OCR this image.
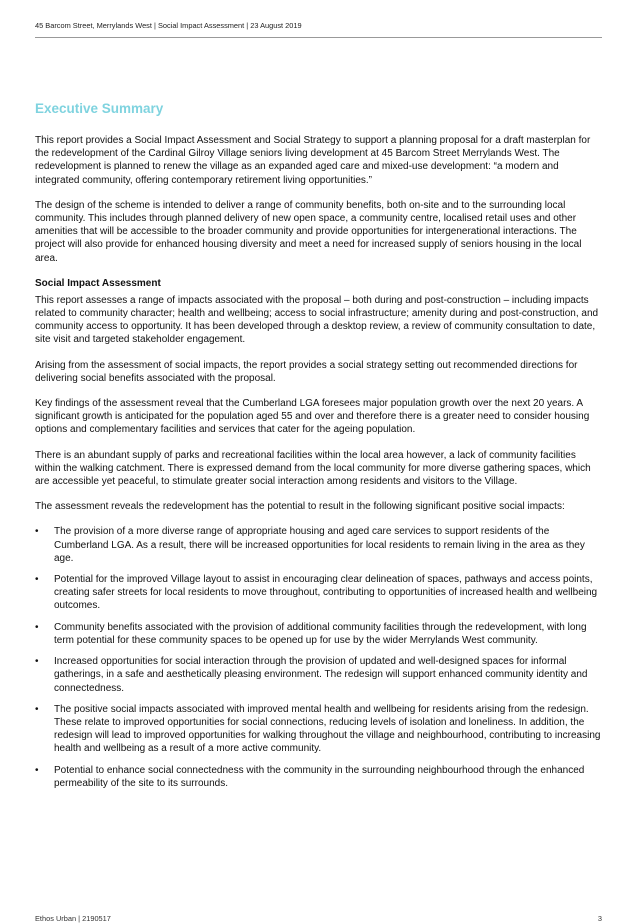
45 Barcom Street, Merrylands West | Social Impact Assessment | 23 August 2019
Executive Summary

This report provides a Social Impact Assessment and Social Strategy to support a planning proposal for a draft masterplan for the redevelopment of the Cardinal Gilroy Village seniors living development at 45 Barcom Street Merrylands West. The redevelopment is planned to renew the village as an expanded aged care and mixed-use development: “a modern and integrated community, offering contemporary retirement living opportunities.”

The design of the scheme is intended to deliver a range of community benefits, both on-site and to the surrounding local community. This includes through planned delivery of new open space, a community centre, localised retail uses and other amenities that will be accessible to the broader community and provide opportunities for intergenerational interactions. The project will also provide for enhanced housing diversity and meet a need for increased supply of seniors housing in the local area.

Social Impact Assessment

This report assesses a range of impacts associated with the proposal – both during and post-construction – including impacts related to community character; health and wellbeing; access to social infrastructure; amenity during and post-construction, and community access to opportunity. It has been developed through a desktop review, a review of community consultation to date, site visit and targeted stakeholder engagement.

Arising from the assessment of social impacts, the report provides a social strategy setting out recommended directions for delivering social benefits associated with the proposal.

Key findings of the assessment reveal that the Cumberland LGA foresees major population growth over the next 20 years. A significant growth is anticipated for the population aged 55 and over and therefore there is a greater need to consider housing options and complementary facilities and services that cater for the ageing population.

There is an abundant supply of parks and recreational facilities within the local area however, a lack of community facilities within the walking catchment. There is expressed demand from the local community for more diverse gathering spaces, which are accessible yet peaceful, to stimulate greater social interaction among residents and visitors to the Village.

The assessment reveals the redevelopment has the potential to result in the following significant positive social impacts:

• The provision of a more diverse range of appropriate housing and aged care services to support residents of the Cumberland LGA. As a result, there will be increased opportunities for local residents to remain living in the area as they age.
• Potential for the improved Village layout to assist in encouraging clear delineation of spaces, pathways and access points, creating safer streets for local residents to move throughout, contributing to opportunities of increased health and wellbeing outcomes.
• Community benefits associated with the provision of additional community facilities through the redevelopment, with long term potential for these community spaces to be opened up for use by the wider Merrylands West community.
• Increased opportunities for social interaction through the provision of updated and well-designed spaces for informal gatherings, in a safe and aesthetically pleasing environment. The redesign will support enhanced community identity and connectedness.
• The positive social impacts associated with improved mental health and wellbeing for residents arising from the redesign. These relate to improved opportunities for social connections, reducing levels of isolation and loneliness. In addition, the redesign will lead to improved opportunities for walking throughout the village and neighbourhood, contributing to increasing health and wellbeing as a result of a more active community.
• Potential to enhance social connectedness with the community in the surrounding neighbourhood through the enhanced permeability of the site to its surrounds.
Ethos Urban | 2190517	3
